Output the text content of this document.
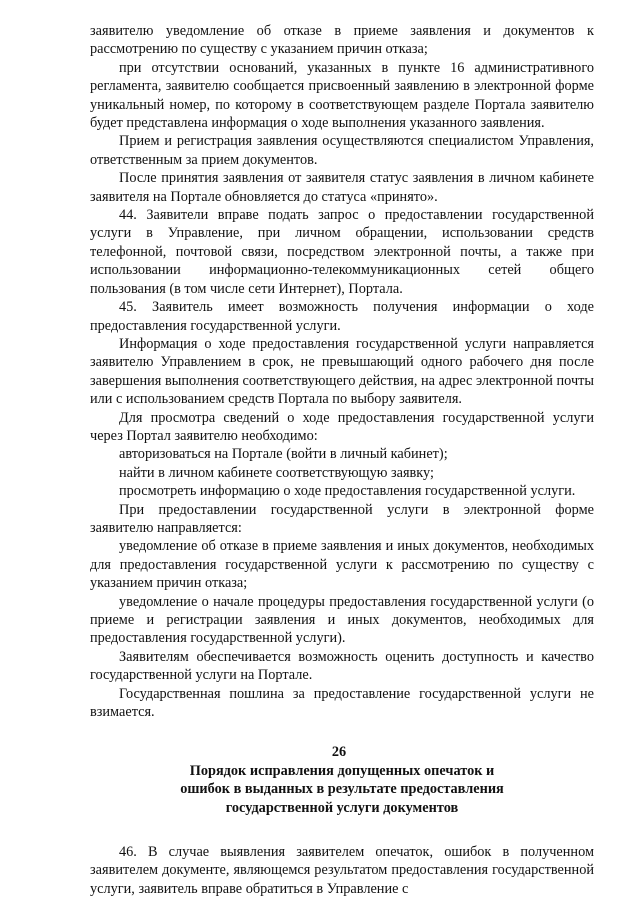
заявителю уведомление об отказе в приеме заявления и документов к рассмотрению по существу с указанием причин отказа;

при отсутствии оснований, указанных в пункте 16 административного регламента, заявителю сообщается присвоенный заявлению в электронной форме уникальный номер, по которому в соответствующем разделе Портала заявителю будет представлена информация о ходе выполнения указанного заявления.

Прием и регистрация заявления осуществляются специалистом Управления, ответственным за прием документов.

После принятия заявления от заявителя статус заявления в личном кабинете заявителя на Портале обновляется до статуса «принято».

44. Заявители вправе подать запрос о предоставлении государственной услуги в Управление, при личном обращении, использовании средств телефонной, почтовой связи, посредством электронной почты, а также при использовании информационно-телекоммуникационных сетей общего пользования (в том числе сети Интернет), Портала.

45. Заявитель имеет возможность получения информации о ходе предоставления государственной услуги.

Информация о ходе предоставления государственной услуги направляется заявителю Управлением в срок, не превышающий одного рабочего дня после завершения выполнения соответствующего действия, на адрес электронной почты или с использованием средств Портала по выбору заявителя.

Для просмотра сведений о ходе предоставления государственной услуги через Портал заявителю необходимо:

авторизоваться на Портале (войти в личный кабинет);

найти в личном кабинете соответствующую заявку;

просмотреть информацию о ходе предоставления государственной услуги.

При предоставлении государственной услуги в электронной форме заявителю направляется:

уведомление об отказе в приеме заявления и иных документов, необходимых для предоставления государственной услуги к рассмотрению по существу с указанием причин отказа;

уведомление о начале процедуры предоставления государственной услуги (о приеме и регистрации заявления и иных документов, необходимых для предоставления государственной услуги).

Заявителям обеспечивается возможность оценить доступность и качество государственной услуги на Портале.

Государственная пошлина за предоставление государственной услуги не взимается.

26
Порядок исправления допущенных опечаток и
ошибок в выданных в результате предоставления
государственной услуги документов

46. В случае выявления заявителем опечаток, ошибок в полученном заявителем документе, являющемся результатом предоставления государственной услуги, заявитель вправе обратиться в Управление с
